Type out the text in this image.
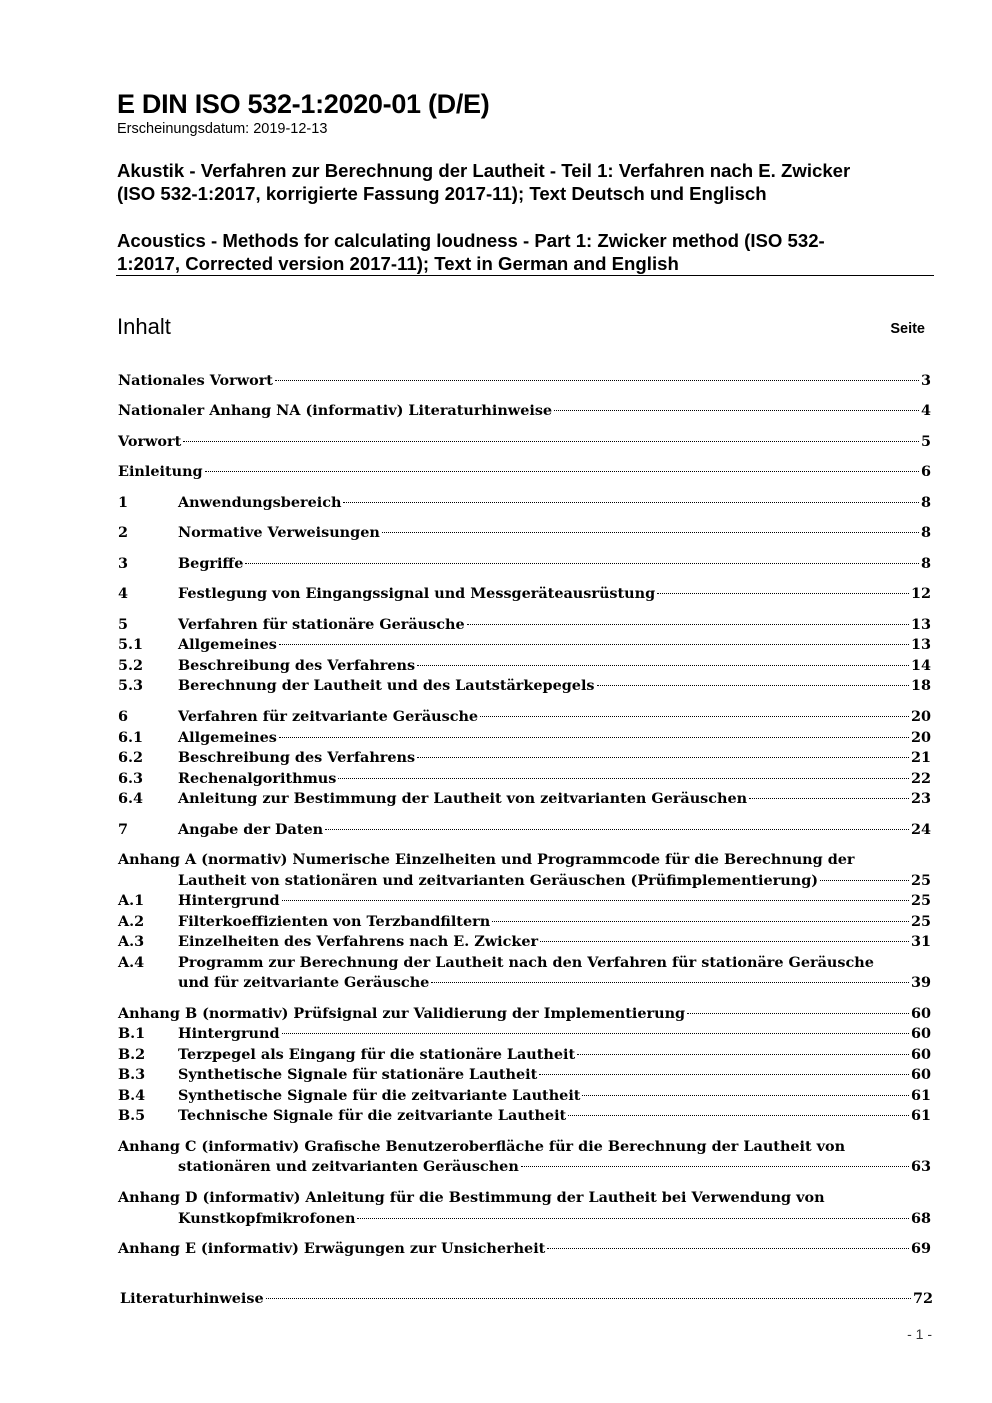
E DIN ISO 532-1:2020-01 (D/E)

Erscheinungsdatum: 2019-12-13

Akustik - Verfahren zur Berechnung der Lautheit - Teil 1: Verfahren nach E. Zwicker
(ISO 532-1:2017, korrigierte Fassung 2017-11); Text Deutsch und Englisch
Acoustics - Methods for calculating loudness - Part 1: Zwicker method (ISO 532-
1:2017, Corrected version 2017-11); Text in German and English
Inhalt	Seite
Nationales Vorwort	3
Nationaler Anhang NA (informativ) Literaturhinweise	4
Vorwort	5
Einleitung	6
1	Anwendungsbereich	8
2	Normative Verweisungen	8
3	Begriffe	8
4	Festlegung von Eingangssignal und Messgeräteausrüstung	12
5	Verfahren für stationäre Geräusche	13
5.1	Allgemeines	13
5.2	Beschreibung des Verfahrens	14
5.3	Berechnung der Lautheit und des Lautstärkepegels	18
6	Verfahren für zeitvariante Geräusche	20
6.1	Allgemeines	20
6.2	Beschreibung des Verfahrens	21
6.3	Rechenalgorithmus	22
6.4	Anleitung zur Bestimmung der Lautheit von zeitvarianten Geräuschen	23
7	Angabe der Daten	24
Anhang A (normativ) Numerische Einzelheiten und Programmcode für die Berechnung der
Lautheit von stationären und zeitvarianten Geräuschen (Prüfimplementierung)	25
A.1	Hintergrund	25
A.2	Filterkoeffizienten von Terzbandfiltern	25
A.3	Einzelheiten des Verfahrens nach E. Zwicker	31
A.4 Programm zur Berechnung der Lautheit nach den Verfahren für stationäre Geräusche
und für zeitvariante Geräusche	39
Anhang B (normativ) Prüfsignal zur Validierung der Implementierung	60
B.1	Hintergrund	60
B.2	Terzpegel als Eingang für die stationäre Lautheit	60
B.3	Synthetische Signale für stationäre Lautheit	60
B.4	Synthetische Signale für die zeitvariante Lautheit	61
B.5	Technische Signale für die zeitvariante Lautheit	61
Anhang C (informativ) Grafische Benutzeroberfläche für die Berechnung der Lautheit von
stationären und zeitvarianten Geräuschen	63
Anhang D (informativ) Anleitung für die Bestimmung der Lautheit bei Verwendung von
Kunstkopfmikrofonen	68
Anhang E (informativ) Erwägungen zur Unsicherheit	69
Literaturhinweise	72
- 1 -
